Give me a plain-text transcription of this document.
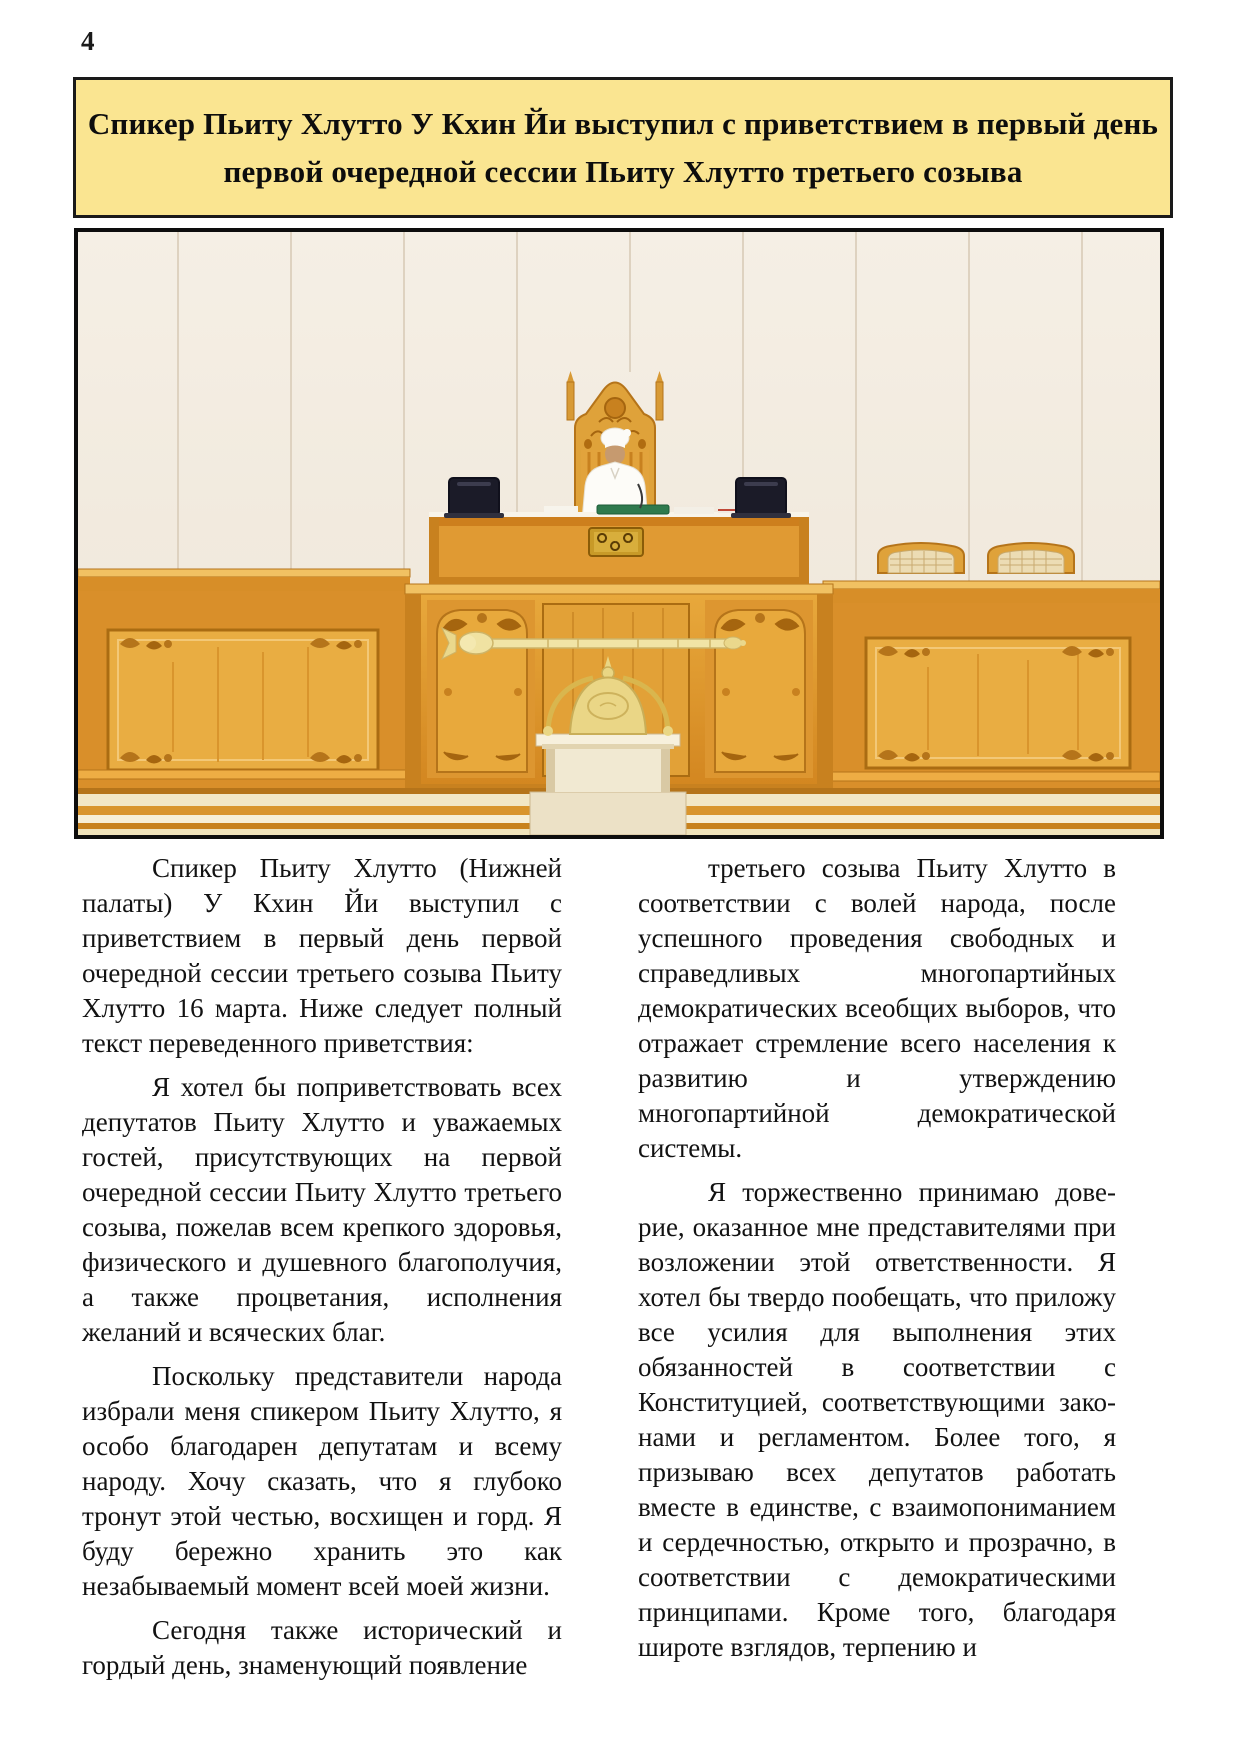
4
Спикер Пьиту Хлутто У Кхин Йи выступил с приветствием в первый день
первой очередной сессии Пьиту Хлутто третьего созыва

Спикер Пьиту Хлутто (Нижней палаты) У Кхин Йи выступил с приветствием в первый день первой очередной сессии третьего созыва Пьиту Хлутто 16 марта. Ниже следует полный текст переведенного приветствия:

Я хотел бы поприветствовать всех депутатов Пьиту Хлутто и уважаемых гостей, присутствующих на первой очередной сессии Пьиту Хлутто третьего созыва, пожелав всем крепкого здоровья, физического и душевного благополучия, а также процветания, исполнения желаний и всяческих благ.

Поскольку представители народа избрали меня спикером Пьиту Хлутто, я особо благодарен депутатам и всему народу. Хочу сказать, что я глубоко тронут этой честью, восхищен и горд. Я буду бережно хранить это как незабываемый момент всей моей жизни.

Сегодня также исторический и гордый день, знаменующий появление

третьего созыва Пьиту Хлутто в соответствии с волей народа, после успешного проведения свободных и справедливых многопартийных демократических всеобщих выборов, что отражает стремление всего населения к развитию и утверждению многопартийной демократической системы.

Я торжественно принимаю дове-рие, оказанное мне представителями при возложении этой ответственности. Я хотел бы твердо пообещать, что приложу все усилия для выполнения этих обязанностей в соответствии с Конституцией, соответствующими зако-нами и регламентом. Более того, я призываю всех депутатов работать вместе в единстве, с взаимопониманием и сердечностью, открыто и прозрачно, в соответствии с демократическими принципами. Кроме того, благодаря широте взглядов, терпению и
